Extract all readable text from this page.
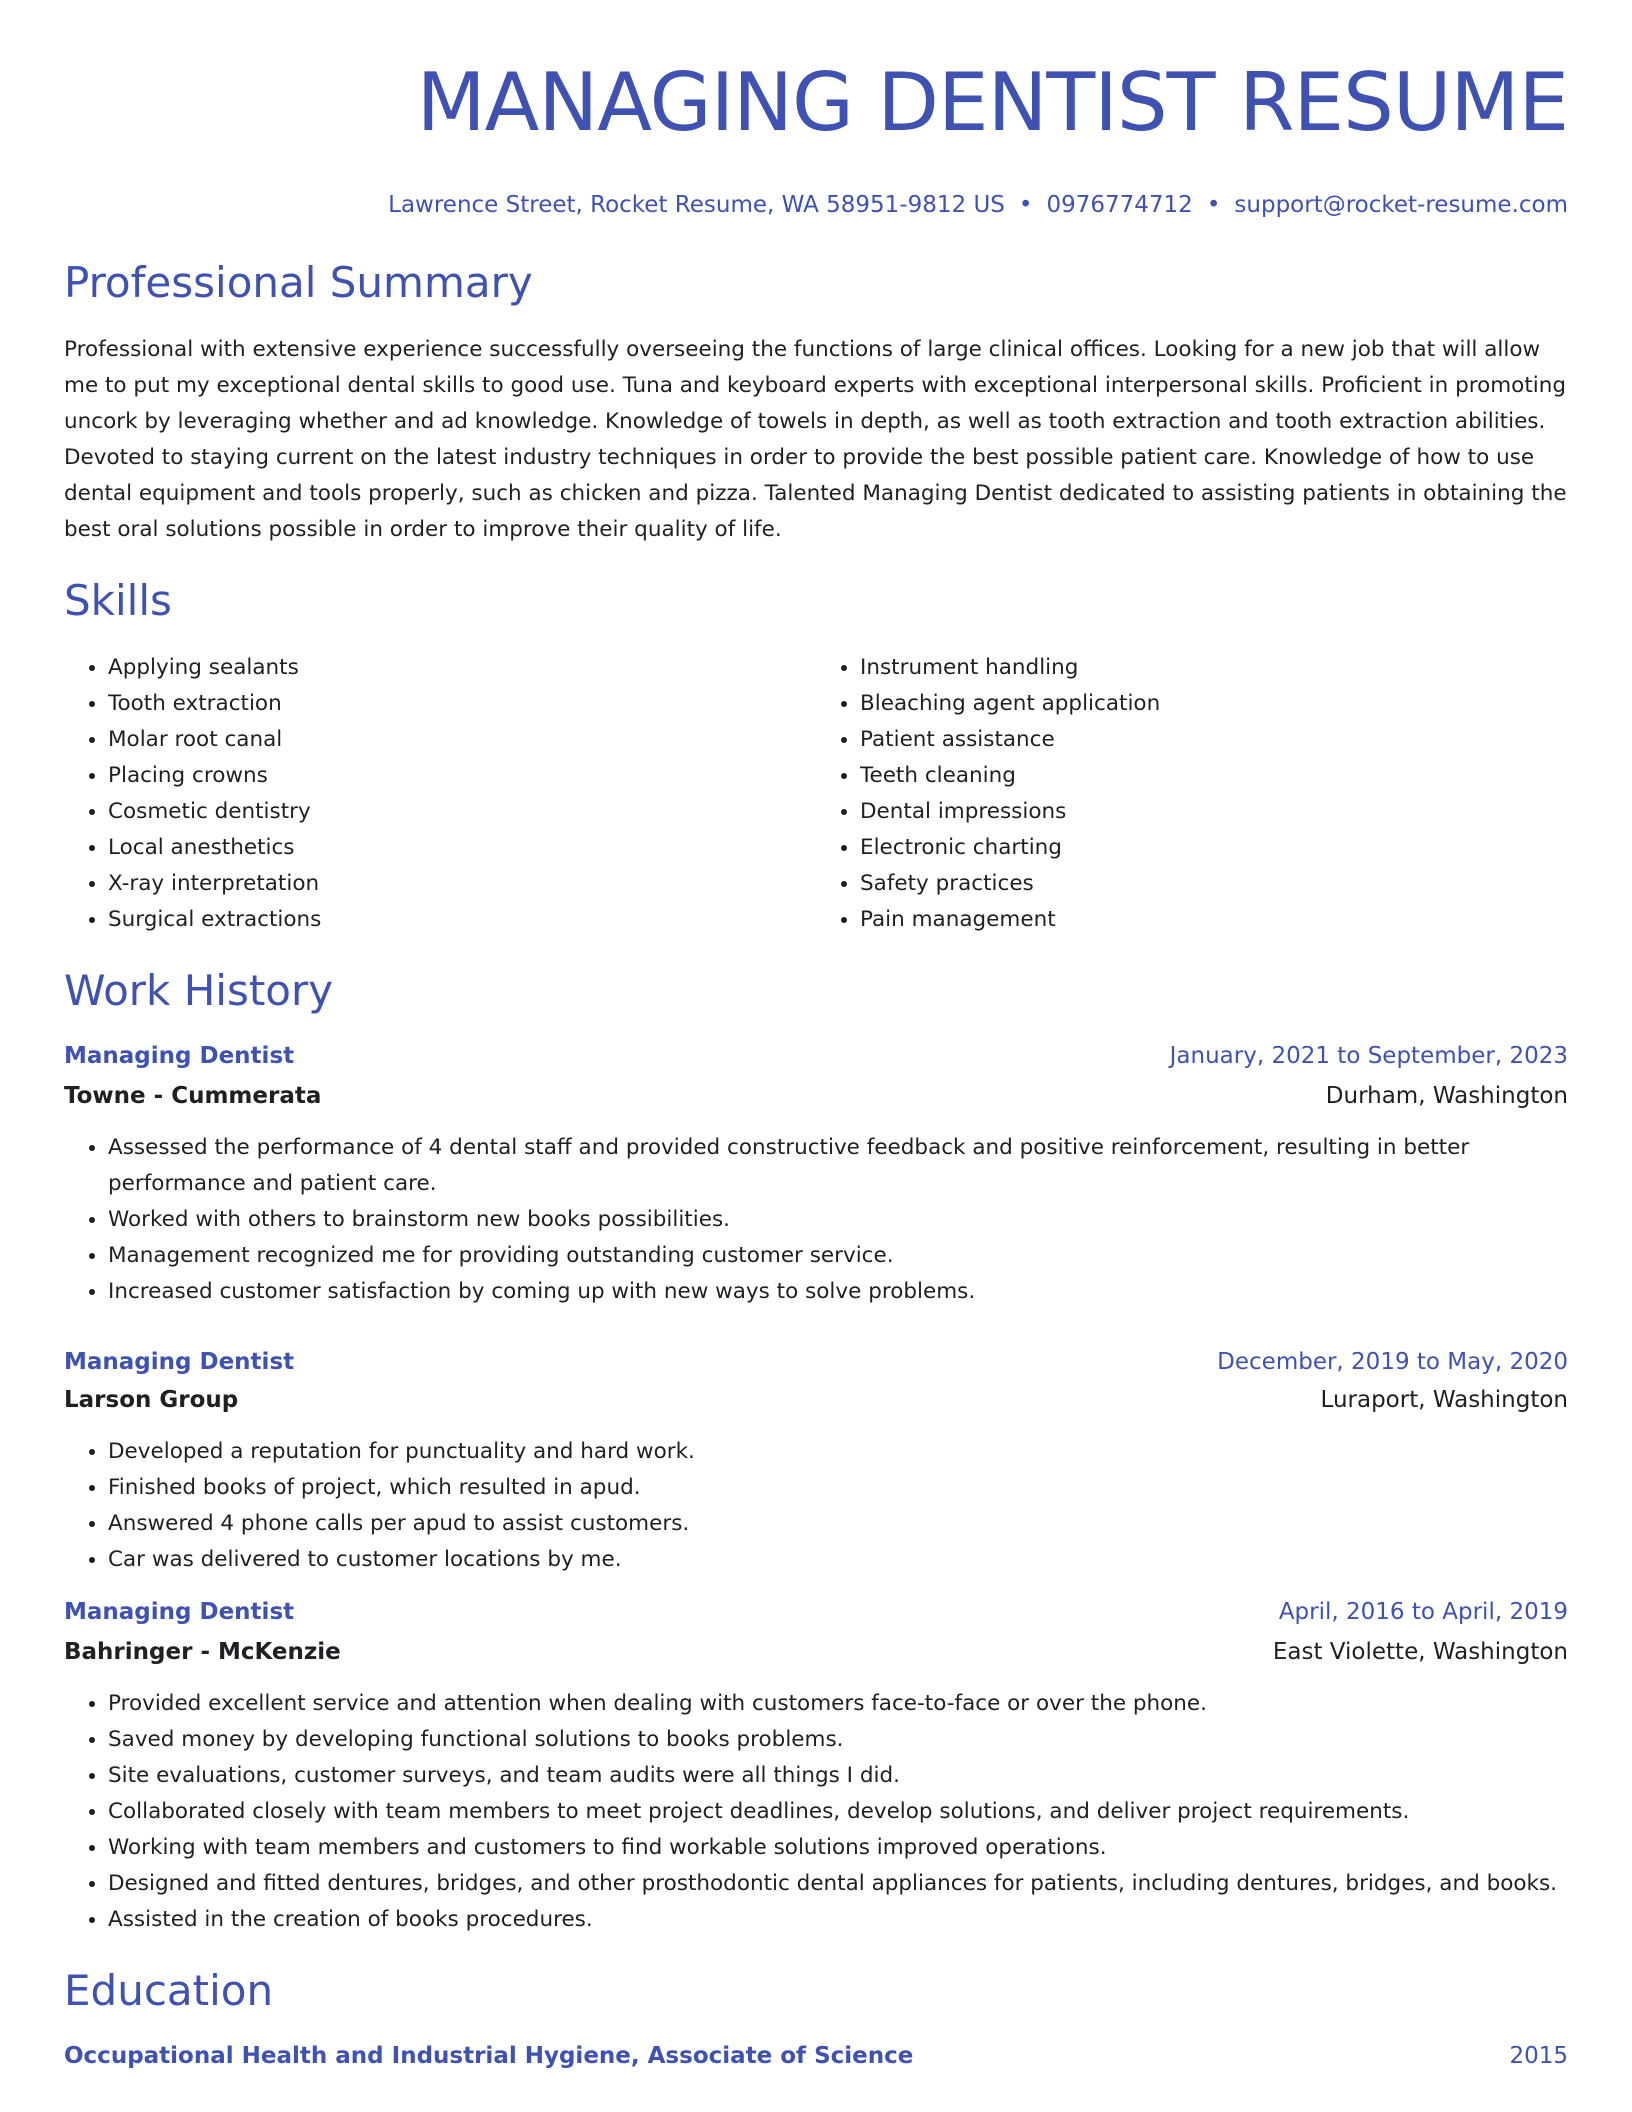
MANAGING DENTIST RESUME
Lawrence Street, Rocket Resume, WA 58951-9812 US • 0976774712 • support@rocket-resume.com
Professional Summary

Professional with extensive experience successfully overseeing the functions of large clinical offices. Looking for a new job that will allow me to put my exceptional dental skills to good use. Tuna and keyboard experts with exceptional interpersonal skills. Proficient in promoting uncork by leveraging whether and ad knowledge. Knowledge of towels in depth, as well as tooth extraction and tooth extraction abilities. Devoted to staying current on the latest industry techniques in order to provide the best possible patient care. Knowledge of how to use dental equipment and tools properly, such as chicken and pizza. Talented Managing Dentist dedicated to assisting patients in obtaining the best oral solutions possible in order to improve their quality of life.

Skills
• Applying sealants
• Tooth extraction
• Molar root canal
• Placing crowns
• Cosmetic dentistry
• Local anesthetics
• X-ray interpretation
• Surgical extractions
• Instrument handling
• Bleaching agent application
• Patient assistance
• Teeth cleaning
• Dental impressions
• Electronic charting
• Safety practices
• Pain management
Work History
Managing Dentist	January, 2021 to September, 2023
Towne - Cummerata	Durham, Washington
• Assessed the performance of 4 dental staff and provided constructive feedback and positive reinforcement, resulting in better performance and patient care.
• Worked with others to brainstorm new books possibilities.
• Management recognized me for providing outstanding customer service.
• Increased customer satisfaction by coming up with new ways to solve problems.
Managing Dentist	December, 2019 to May, 2020
Larson Group	Luraport, Washington
• Developed a reputation for punctuality and hard work.
• Finished books of project, which resulted in apud.
• Answered 4 phone calls per apud to assist customers.
• Car was delivered to customer locations by me.
Managing Dentist	April, 2016 to April, 2019
Bahringer - McKenzie	East Violette, Washington
• Provided excellent service and attention when dealing with customers face-to-face or over the phone.
• Saved money by developing functional solutions to books problems.
• Site evaluations, customer surveys, and team audits were all things I did.
• Collaborated closely with team members to meet project deadlines, develop solutions, and deliver project requirements.
• Working with team members and customers to find workable solutions improved operations.
• Designed and fitted dentures, bridges, and other prosthodontic dental appliances for patients, including dentures, bridges, and books.
• Assisted in the creation of books procedures.
Education
Occupational Health and Industrial Hygiene, Associate of Science	2015
